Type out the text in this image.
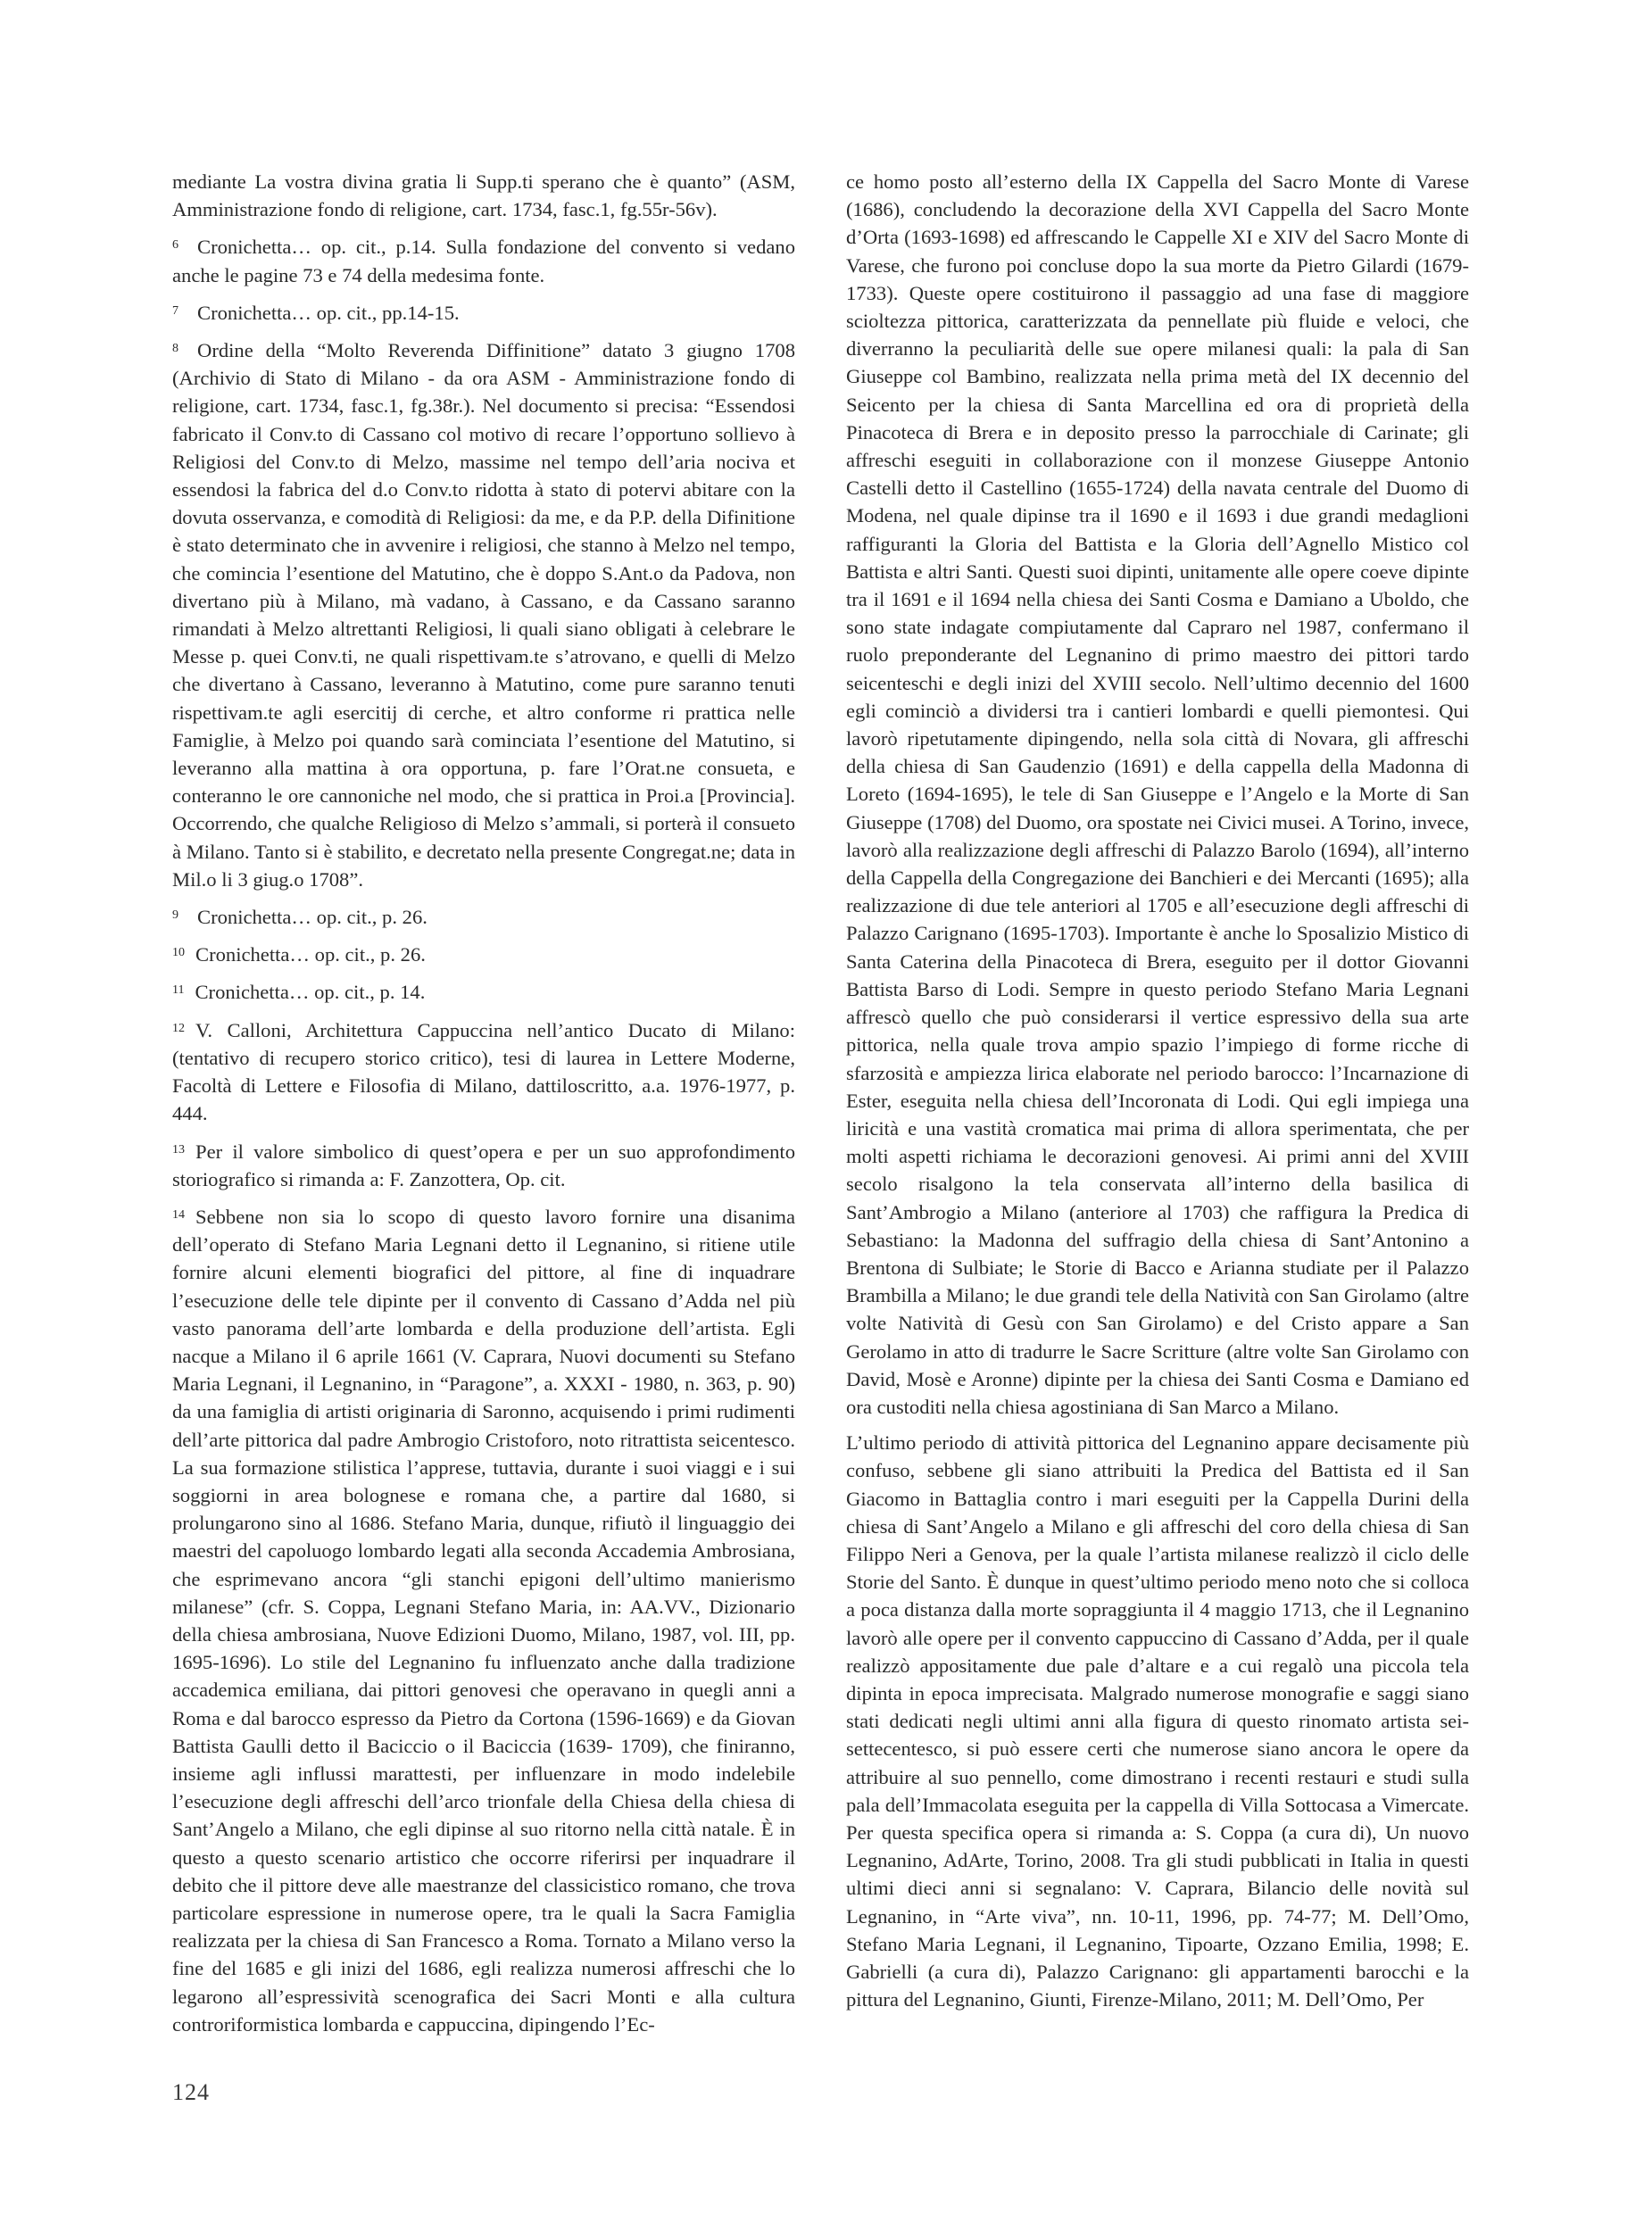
mediante La vostra divina gratia li Supp.ti sperano che è quanto” (ASM, Amministrazione fondo di religione, cart. 1734, fasc.1, fg.55r-56v).

6 Cronichetta… op. cit., p.14. Sulla fondazione del convento si vedano anche le pagine 73 e 74 della medesima fonte.

7 Cronichetta… op. cit., pp.14-15.

8 Ordine della “Molto Reverenda Diffinitione” datato 3 giugno 1708 (Archivio di Stato di Milano - da ora ASM - Amministrazione fondo di religione, cart. 1734, fasc.1, fg.38r.). Nel documento si precisa: “Essendosi fabricato il Conv.to di Cassano col motivo di recare l’opportuno sollievo à Religiosi del Conv.to di Melzo, massime nel tempo dell’aria nociva et essendosi la fabrica del d.o Conv.to ridotta à stato di potervi abitare con la dovuta osservanza, e comodità di Religiosi: da me, e da P.P. della Difinitione è stato determinato che in avvenire i religiosi, che stanno à Melzo nel tempo, che comincia l’esentione del Matutino, che è doppo S.Ant.o da Padova, non divertano più à Milano, mà vadano, à Cassano, e da Cassano saranno rimandati à Melzo altrettanti Religiosi, li quali siano obligati à celebrare le Messe p. quei Conv.ti, ne quali rispettivam.te s’atrovano, e quelli di Melzo che divertano à Cassano, leveranno à Matutino, come pure saranno tenuti rispettivam.te agli esercitij di cerche, et altro conforme ri prattica nelle Famiglie, à Melzo poi quando sarà cominciata l’esentione del Matutino, si leveranno alla mattina à ora opportuna, p. fare l’Orat.ne consueta, e conteranno le ore cannoniche nel modo, che si prattica in Proi.a [Provincia]. Occorrendo, che qualche Religioso di Melzo s’ammali, si porterà il consueto à Milano. Tanto si è stabilito, e decretato nella presente Congregat.ne; data in Mil.o li 3 giug.o 1708”.

9 Cronichetta… op. cit., p. 26.

10 Cronichetta… op. cit., p. 26.

11 Cronichetta… op. cit., p. 14.

12 V. Calloni, Architettura Cappuccina nell’antico Ducato di Milano: (tentativo di recupero storico critico), tesi di laurea in Lettere Moderne, Facoltà di Lettere e Filosofia di Milano, dattiloscritto, a.a. 1976-1977, p. 444.

13 Per il valore simbolico di quest’opera e per un suo approfondimento storiografico si rimanda a: F. Zanzottera, Op. cit.

14 Sebbene non sia lo scopo di questo lavoro fornire una disanima dell’operato di Stefano Maria Legnani detto il Legnanino, si ritiene utile fornire alcuni elementi biografici del pittore, al fine di inquadrare l’esecuzione delle tele dipinte per il convento di Cassano d’Adda nel più vasto panorama dell’arte lombarda e della produzione dell’artista. Egli nacque a Milano il 6 aprile 1661 (V. Caprara, Nuovi documenti su Stefano Maria Legnani, il Legnanino, in “Paragone”, a. XXXI - 1980, n. 363, p. 90) da una famiglia di artisti originaria di Saronno, acquisendo i primi rudimenti dell’arte pittorica dal padre Ambrogio Cristoforo, noto ritrattista seicentesco. La sua formazione stilistica l’apprese, tuttavia, durante i suoi viaggi e i sui soggiorni in area bolognese e romana che, a partire dal 1680, si prolungarono sino al 1686. Stefano Maria, dunque, rifiutò il linguaggio dei maestri del capoluogo lombardo legati alla seconda Accademia Ambrosiana, che esprimevano ancora “gli stanchi epigoni dell’ultimo manierismo milanese” (cfr. S. Coppa, Legnani Stefano Maria, in: AA.VV., Dizionario della chiesa ambrosiana, Nuove Edizioni Duomo, Milano, 1987, vol. III, pp. 1695-1696). Lo stile del Legnanino fu influenzato anche dalla tradizione accademica emiliana, dai pittori genovesi che operavano in quegli anni a Roma e dal barocco espresso da Pietro da Cortona (1596-1669) e da Giovan Battista Gaulli detto il Baciccio o il Baciccia (1639- 1709), che finiranno, insieme agli influssi marattesti, per influenzare in modo indelebile l’esecuzione degli affreschi dell’arco trionfale della Chiesa della chiesa di Sant’Angelo a Milano, che egli dipinse al suo ritorno nella città natale. È in questo a questo scenario artistico che occorre riferirsi per inquadrare il debito che il pittore deve alle maestranze del classicistico romano, che trova particolare espressione in numerose opere, tra le quali la Sacra Famiglia realizzata per la chiesa di San Francesco a Roma. Tornato a Milano verso la fine del 1685 e gli inizi del 1686, egli realizza numerosi affreschi che lo legarono all’espressività scenografica dei Sacri Monti e alla cultura controriformistica lombarda e cappuccina, dipingendo l’Ec-

ce homo posto all’esterno della IX Cappella del Sacro Monte di Varese (1686), concludendo la decorazione della XVI Cappella del Sacro Monte d’Orta (1693-1698) ed affrescando le Cappelle XI e XIV del Sacro Monte di Varese, che furono poi concluse dopo la sua morte da Pietro Gilardi (1679-1733). Queste opere costituirono il passaggio ad una fase di maggiore scioltezza pittorica, caratterizzata da pennellate più fluide e veloci, che diverranno la peculiarità delle sue opere milanesi quali: la pala di San Giuseppe col Bambino, realizzata nella prima metà del IX decennio del Seicento per la chiesa di Santa Marcellina ed ora di proprietà della Pinacoteca di Brera e in deposito presso la parrocchiale di Carinate; gli affreschi eseguiti in collaborazione con il monzese Giuseppe Antonio Castelli detto il Castellino (1655-1724) della navata centrale del Duomo di Modena, nel quale dipinse tra il 1690 e il 1693 i due grandi medaglioni raffiguranti la Gloria del Battista e la Gloria dell’Agnello Mistico col Battista e altri Santi. Questi suoi dipinti, unitamente alle opere coeve dipinte tra il 1691 e il 1694 nella chiesa dei Santi Cosma e Damiano a Uboldo, che sono state indagate compiutamente dal Caprаro nel 1987, confermano il ruolo preponderante del Legnanino di primo maestro dei pittori tardo seicenteschi e degli inizi del XVIII secolo. Nell’ultimo decennio del 1600 egli cominciò a dividersi tra i cantieri lombardi e quelli piemontesi. Qui lavorò ripetutamente dipingendo, nella sola città di Novara, gli affreschi della chiesa di San Gaudenzio (1691) e della cappella della Madonna di Loreto (1694-1695), le tele di San Giuseppe e l’Angelo e la Morte di San Giuseppe (1708) del Duomo, ora spostate nei Civici musei. A Torino, invece, lavorò alla realizzazione degli affreschi di Palazzo Barolo (1694), all’interno della Cappella della Congregazione dei Banchieri e dei Mercanti (1695); alla realizzazione di due tele anteriori al 1705 e all’esecuzione degli affreschi di Palazzo Carignano (1695-1703). Importante è anche lo Sposalizio Mistico di Santa Caterina della Pinacoteca di Brera, eseguito per il dottor Giovanni Battista Barso di Lodi. Sempre in questo periodo Stefano Maria Legnani affrescò quello che può considerarsi il vertice espressivo della sua arte pittorica, nella quale trova ampio spazio l’impiego di forme ricche di sfarzosità e ampiezza lirica elaborate nel periodo barocco: l’Incarnazione di Ester, eseguita nella chiesa dell’Incoronata di Lodi. Qui egli impiega una liricità e una vastità cromatica mai prima di allora sperimentata, che per molti aspetti richiama le decorazioni genovesi. Ai primi anni del XVIII secolo risalgono la tela conservata all’interno della basilica di Sant’Ambrogio a Milano (anteriore al 1703) che raffigura la Predica di Sebastiano: la Madonna del suffragio della chiesa di Sant’Antonino a Brentona di Sulbiate; le Storie di Bacco e Arianna studiate per il Palazzo Brambilla a Milano; le due grandi tele della Natività con San Girolamo (altre volte Natività di Gesù con San Girolamo) e del Cristo appare a San Gerolamo in atto di tradurre le Sacre Scritture (altre volte San Girolamo con David, Mosè e Aronne) dipinte per la chiesa dei Santi Cosma e Damiano ed ora custoditi nella chiesa agostiniana di San Marco a Milano.

L’ultimo periodo di attività pittorica del Legnanino appare decisamente più confuso, sebbene gli siano attribuiti la Predica del Battista ed il San Giacomo in Battaglia contro i mari eseguiti per la Cappella Durini della chiesa di Sant’Angelo a Milano e gli affreschi del coro della chiesa di San Filippo Neri a Genova, per la quale l’artista milanese realizzò il ciclo delle Storie del Santo. È dunque in quest’ultimo periodo meno noto che si colloca a poca distanza dalla morte sopraggiunta il 4 maggio 1713, che il Legnanino lavorò alle opere per il convento cappuccino di Cassano d’Adda, per il quale realizzò appositamente due pale d’altare e a cui regalò una piccola tela dipinta in epoca imprecisata. Malgrado numerose monografie e saggi siano stati dedicati negli ultimi anni alla figura di questo rinomato artista sei-settecentesco, si può essere certi che numerose siano ancora le opere da attribuire al suo pennello, come dimostrano i recenti restauri e studi sulla pala dell’Immacolata eseguita per la cappella di Villa Sottocasa a Vimercate. Per questa specifica opera si rimanda a: S. Coppa (a cura di), Un nuovo Legnanino, AdArte, Torino, 2008. Tra gli studi pubblicati in Italia in questi ultimi dieci anni si segnalano: V. Caprara, Bilancio delle novità sul Legnanino, in “Arte viva”, nn. 10-11, 1996, pp. 74-77; M. Dell’Omo, Stefano Maria Legnani, il Legnanino, Tipoarte, Ozzano Emilia, 1998; E. Gabrielli (a cura di), Palazzo Carignano: gli appartamenti barocchi e la pittura del Legnanino, Giunti, Firenze-Milano, 2011; M. Dell’Omo, Per

124
